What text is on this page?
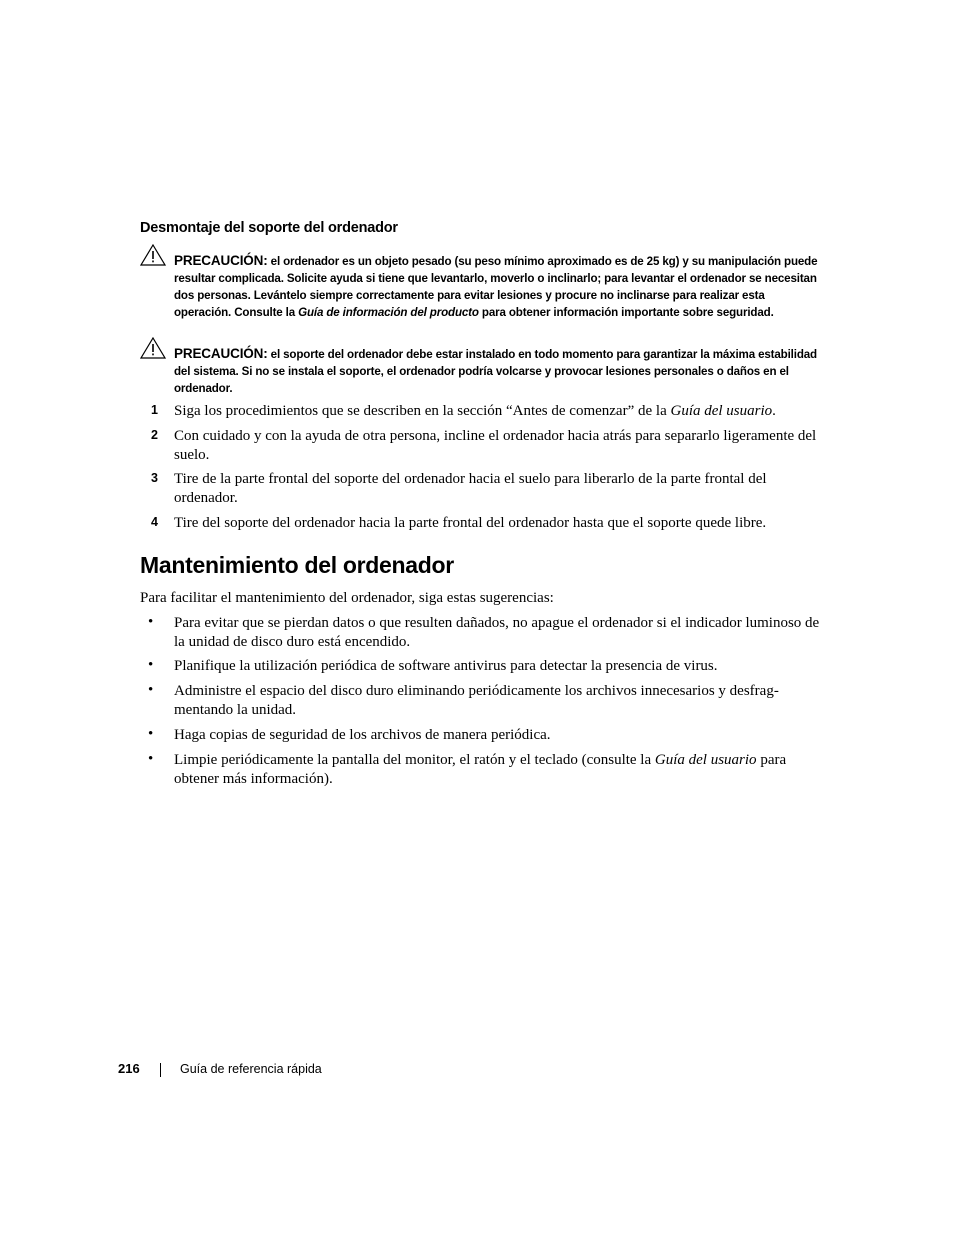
Desmontaje del soporte del ordenador
PRECAUCIÓN: el ordenador es un objeto pesado (su peso mínimo aproximado es de 25 kg) y su manipulación puede resultar complicada. Solicite ayuda si tiene que levantarlo, moverlo o inclinarlo; para levantar el ordenador se necesitan dos personas. Levántelo siempre correctamente para evitar lesiones y procure no inclinarse para realizar esta operación. Consulte la Guía de información del producto para obtener información importante sobre seguridad.
PRECAUCIÓN: el soporte del ordenador debe estar instalado en todo momento para garantizar la máxima estabilidad del sistema. Si no se instala el soporte, el ordenador podría volcarse y provocar lesiones personales o daños en el ordenador.
1 Siga los procedimientos que se describen en la sección “Antes de comenzar” de la Guía del usuario.
2 Con cuidado y con la ayuda de otra persona, incline el ordenador hacia atrás para separarlo ligeramente del suelo.
3 Tire de la parte frontal del soporte del ordenador hacia el suelo para liberarlo de la parte frontal del ordenador.
4 Tire del soporte del ordenador hacia la parte frontal del ordenador hasta que el soporte quede libre.
Mantenimiento del ordenador
Para facilitar el mantenimiento del ordenador, siga estas sugerencias:
• Para evitar que se pierdan datos o que resulten dañados, no apague el ordenador si el indicador luminoso de la unidad de disco duro está encendido.
• Planifique la utilización periódica de software antivirus para detectar la presencia de virus.
• Administre el espacio del disco duro eliminando periódicamente los archivos innecesarios y desfrag-mentando la unidad.
• Haga copias de seguridad de los archivos de manera periódica.
• Limpie periódicamente la pantalla del monitor, el ratón y el teclado (consulte la Guía del usuario para obtener más información).
216	Guía de referencia rápida
